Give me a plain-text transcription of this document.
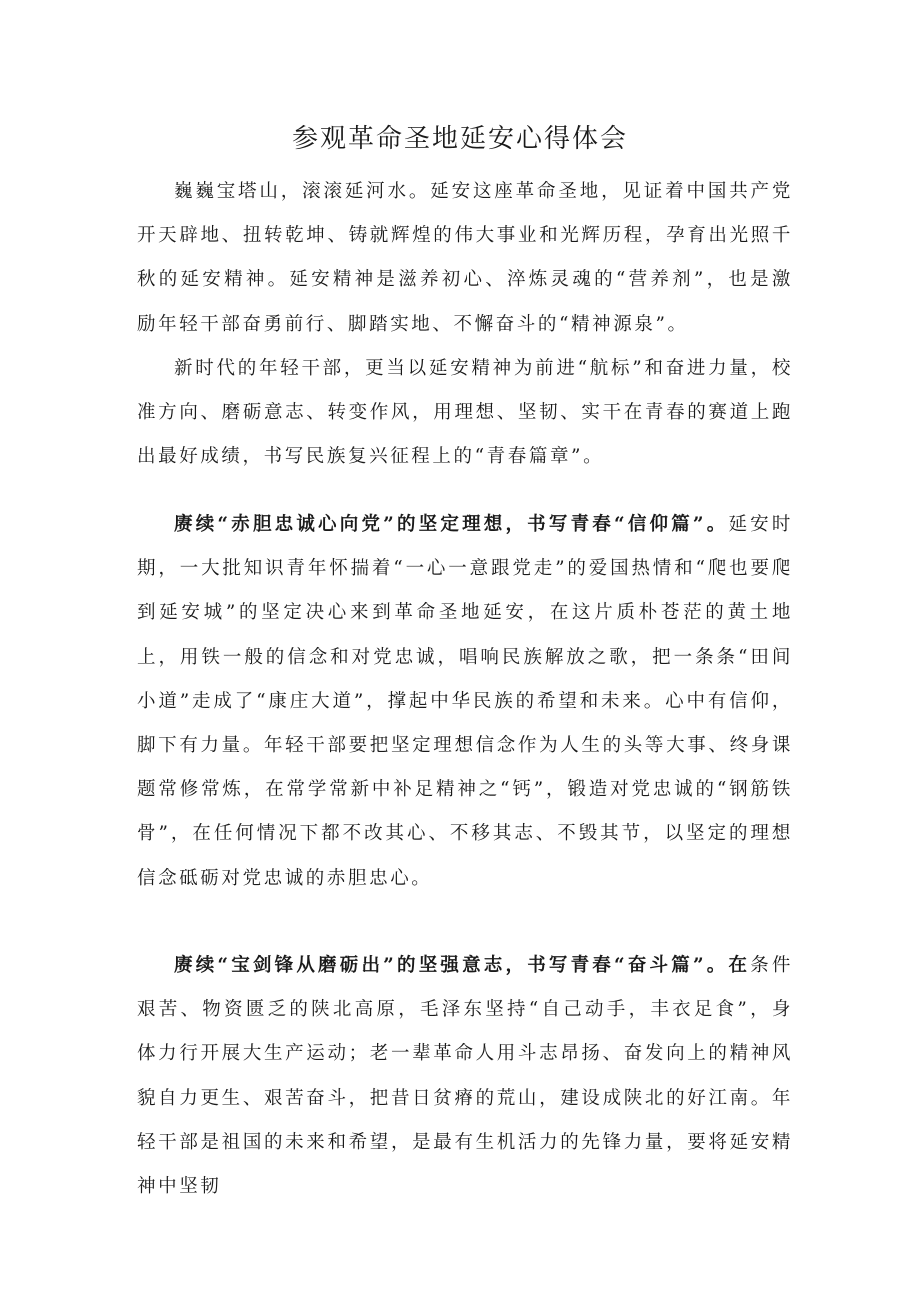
参观革命圣地延安心得体会

巍巍宝塔山，滚滚延河水。延安这座革命圣地，见证着中国共产党开天辟地、扭转乾坤、铸就辉煌的伟大事业和光辉历程，孕育出光照千秋的延安精神。延安精神是滋养初心、淬炼灵魂的“营养剂”，也是激励年轻干部奋勇前行、脚踏实地、不懈奋斗的“精神源泉”。

新时代的年轻干部，更当以延安精神为前进“航标”和奋进力量，校准方向、磨砺意志、转变作风，用理想、坚韧、实干在青春的赛道上跑出最好成绩，书写民族复兴征程上的“青春篇章”。

赓续“赤胆忠诚心向党”的坚定理想，书写青春“信仰篇”。延安时期，一大批知识青年怀揣着“一心一意跟党走”的爱国热情和“爬也要爬到延安城”的坚定决心来到革命圣地延安，在这片质朴苍茫的黄土地上，用铁一般的信念和对党忠诚，唱响民族解放之歌，把一条条“田间小道”走成了“康庄大道”，撑起中华民族的希望和未来。心中有信仰，脚下有力量。年轻干部要把坚定理想信念作为人生的头等大事、终身课题常修常炼，在常学常新中补足精神之“钙”，锻造对党忠诚的“钢筋铁骨”，在任何情况下都不改其心、不移其志、不毁其节，以坚定的理想信念砥砺对党忠诚的赤胆忠心。

赓续“宝剑锋从磨砺出”的坚强意志，书写青春“奋斗篇”。在条件艰苦、物资匮乏的陕北高原，毛泽东坚持“自己动手，丰衣足食”，身体力行开展大生产运动；老一辈革命人用斗志昂扬、奋发向上的精神风貌自力更生、艰苦奋斗，把昔日贫瘠的荒山，建设成陕北的好江南。年轻干部是祖国的未来和希望，是最有生机活力的先锋力量，要将延安精神中坚韧
